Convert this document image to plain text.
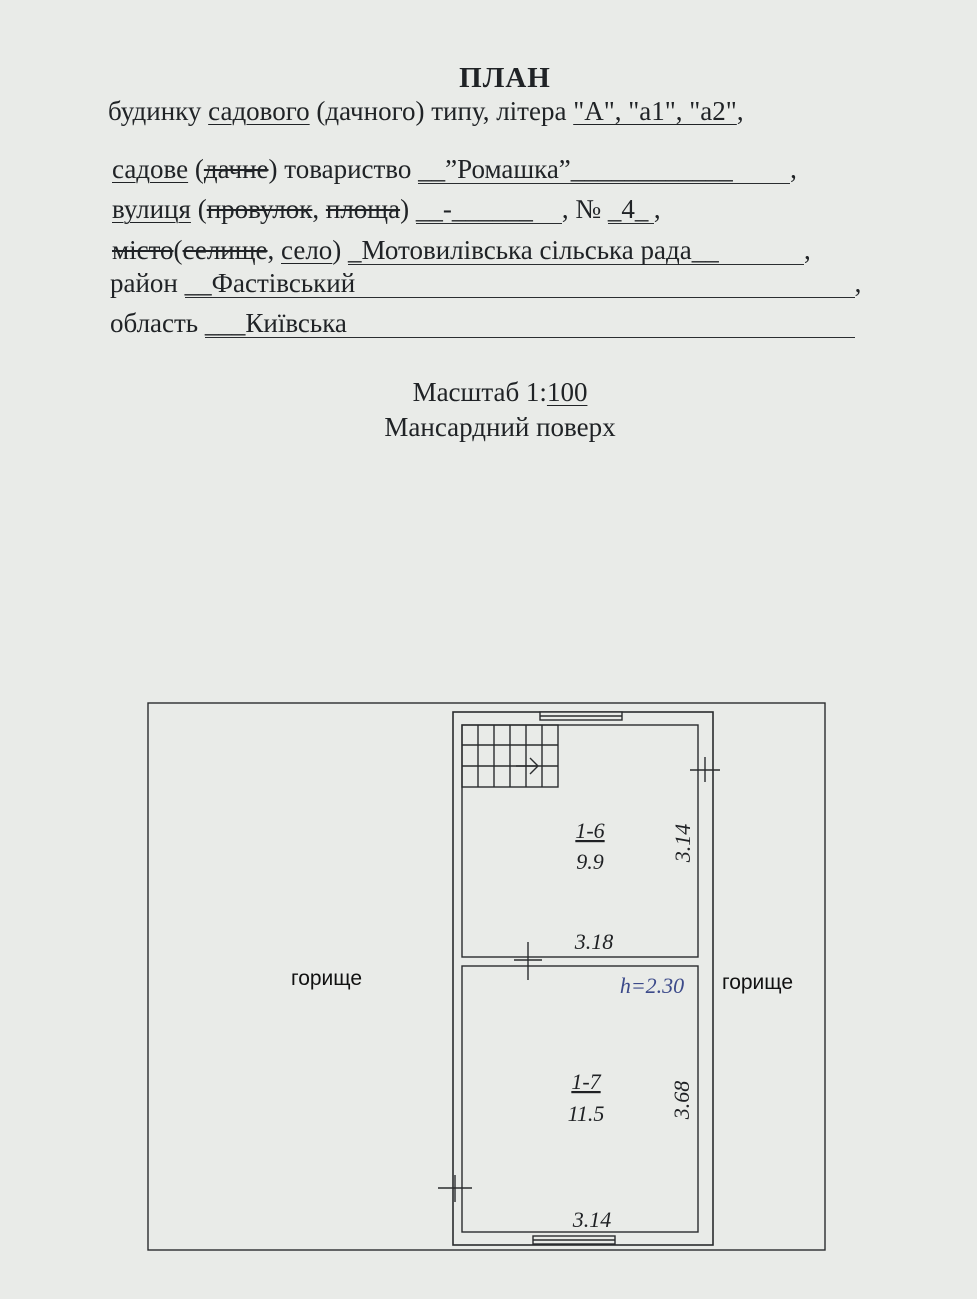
ПЛАН
будинку садового (дачного) типу, літера "А", "а1", "а2",
садове (дачне) товариство __”Ромашка”____________ ,
вулиця (провулок, площа) __-______ , № _4_ ,
місто(селище, село) _Мотовилівська сільська рада__	,
район __Фастівський	,
область ___Київська
Масштаб 1:100
Мансардний поверх
горище	горище
1-6
9.9
3.18
3.14
h=2.30
1-7
11.5	3.68
3.14
